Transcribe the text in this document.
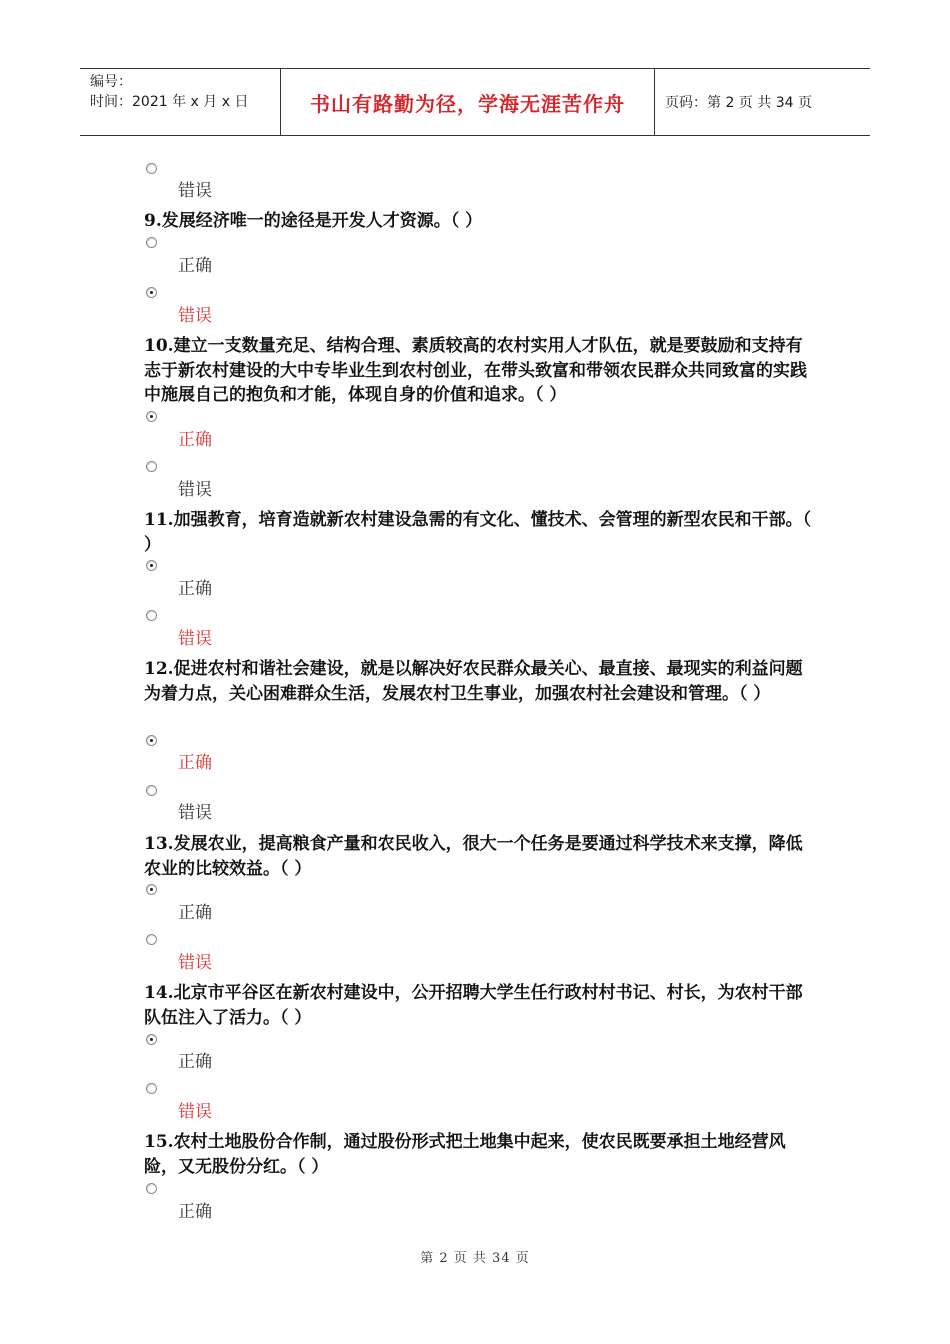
编号：
时间：2021 年 x 月 x 日	书山有路勤为径，学海无涯苦作舟	页码：第 2 页 共 34 页
错误
9.发展经济唯一的途径是开发人才资源。（ ）
正确
错误
10.建立一支数量充足、结构合理、素质较高的农村实用人才队伍，就是要鼓励和支持有志于新农村建设的大中专毕业生到农村创业，在带头致富和带领农民群众共同致富的实践中施展自己的抱负和才能，体现自身的价值和追求。（ ）
正确
错误
11.加强教育，培育造就新农村建设急需的有文化、懂技术、会管理的新型农民和干部。（ ）
正确
错误
12.促进农村和谐社会建设，就是以解决好农民群众最关心、最直接、最现实的利益问题为着力点，关心困难群众生活，发展农村卫生事业，加强农村社会建设和管理。（ ）
正确
错误
13.发展农业，提高粮食产量和农民收入，很大一个任务是要通过科学技术来支撑，降低农业的比较效益。（ ）
正确
错误
14.北京市平谷区在新农村建设中，公开招聘大学生任行政村村书记、村长，为农村干部队伍注入了活力。（ ）
正确
错误
15.农村土地股份合作制，通过股份形式把土地集中起来，使农民既要承担土地经营风险，又无股份分红。（ ）
正确
第 2 页 共 34 页
